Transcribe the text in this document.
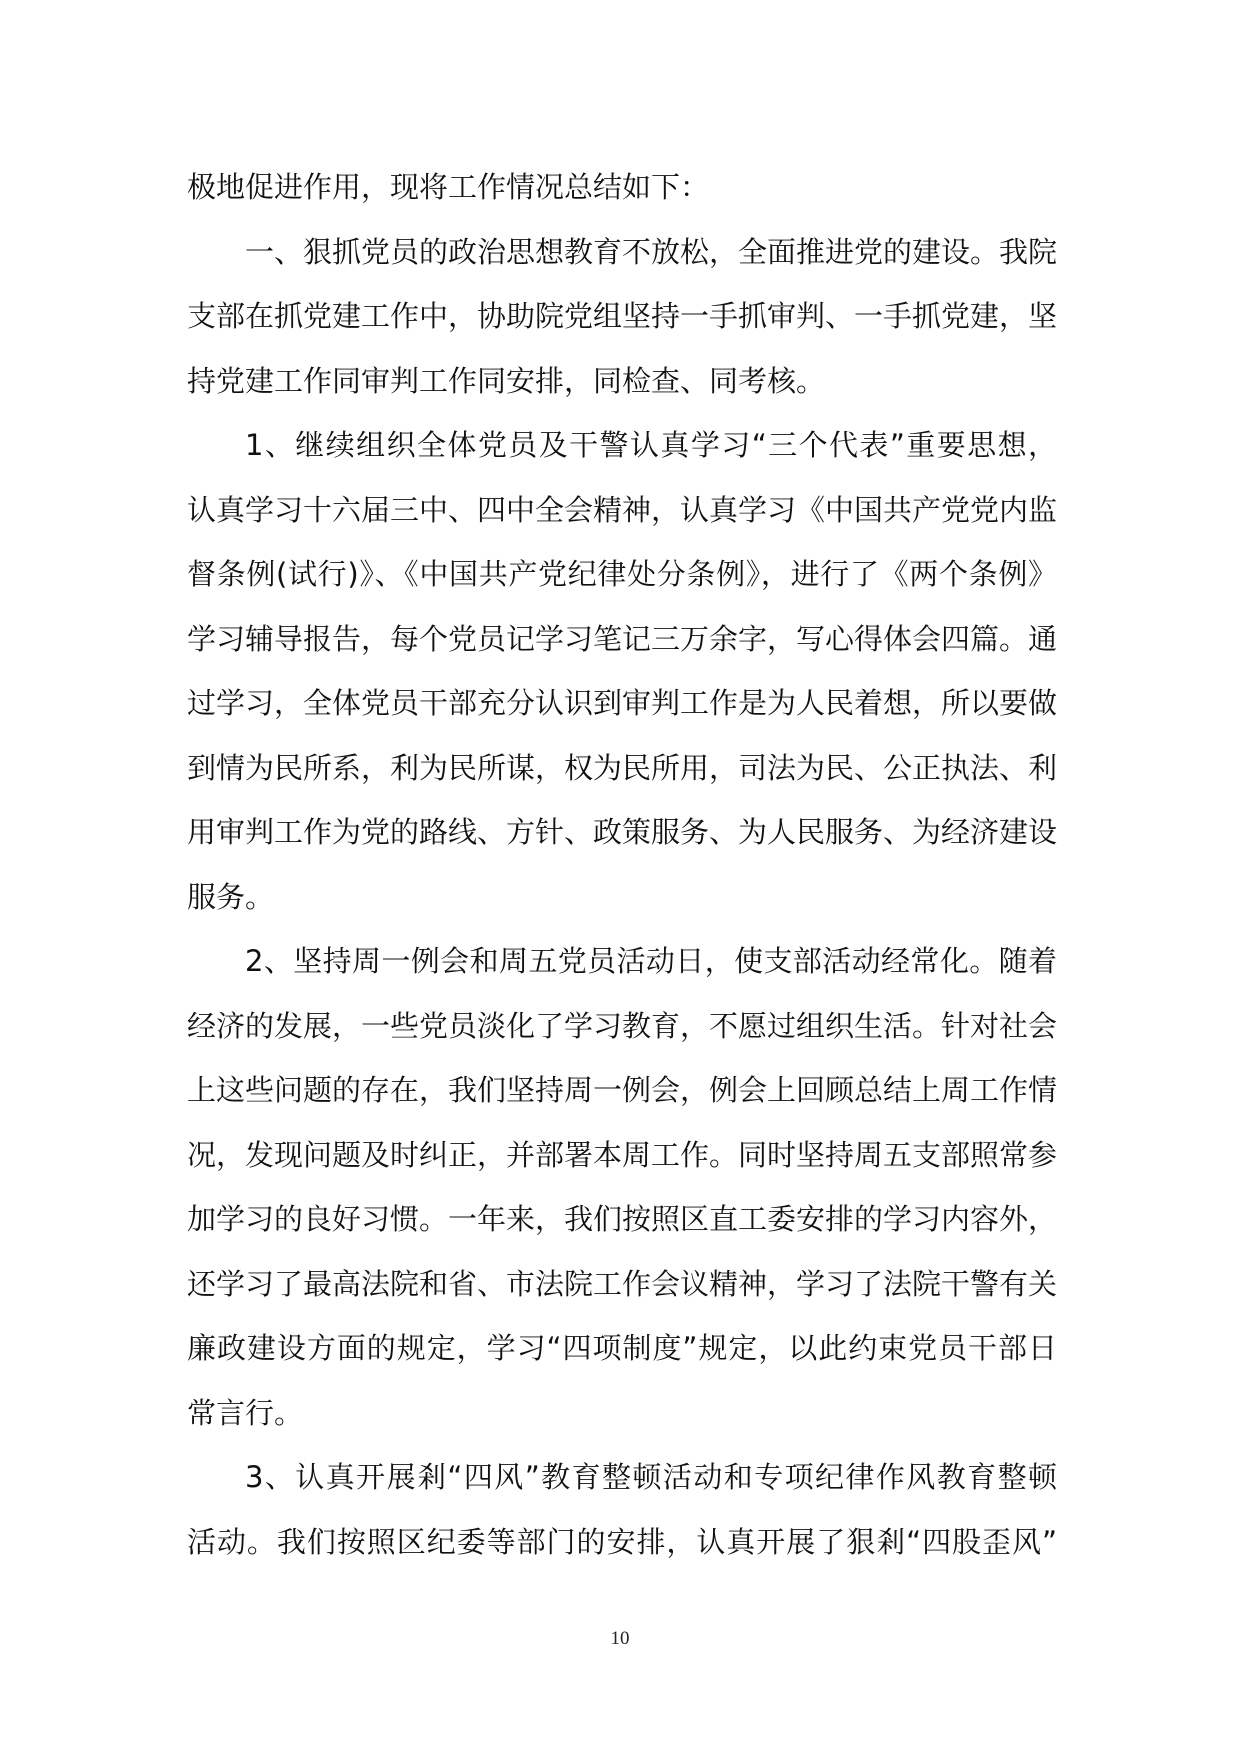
极地促进作用，现将工作情况总结如下：
一、狠抓党员的政治思想教育不放松，全面推进党的建设。我院
支部在抓党建工作中，协助院党组坚持一手抓审判、一手抓党建，坚
持党建工作同审判工作同安排，同检查、同考核。
1、继续组织全体党员及干警认真学习“三个代表”重要思想，
认真学习十六届三中、四中全会精神，认真学习《中国共产党党内监
督条例(试行)》、《中国共产党纪律处分条例》，进行了《两个条例》
学习辅导报告，每个党员记学习笔记三万余字，写心得体会四篇。通
过学习，全体党员干部充分认识到审判工作是为人民着想，所以要做
到情为民所系，利为民所谋，权为民所用，司法为民、公正执法、利
用审判工作为党的路线、方针、政策服务、为人民服务、为经济建设
服务。
2、坚持周一例会和周五党员活动日，使支部活动经常化。随着
经济的发展，一些党员淡化了学习教育，不愿过组织生活。针对社会
上这些问题的存在，我们坚持周一例会，例会上回顾总结上周工作情
况，发现问题及时纠正，并部署本周工作。同时坚持周五支部照常参
加学习的良好习惯。一年来，我们按照区直工委安排的学习内容外，
还学习了最高法院和省、市法院工作会议精神，学习了法院干警有关
廉政建设方面的规定，学习“四项制度”规定，以此约束党员干部日
常言行。
3、认真开展剎“四风”教育整顿活动和专项纪律作风教育整顿
活动。我们按照区纪委等部门的安排，认真开展了狠剎“四股歪风”
10
